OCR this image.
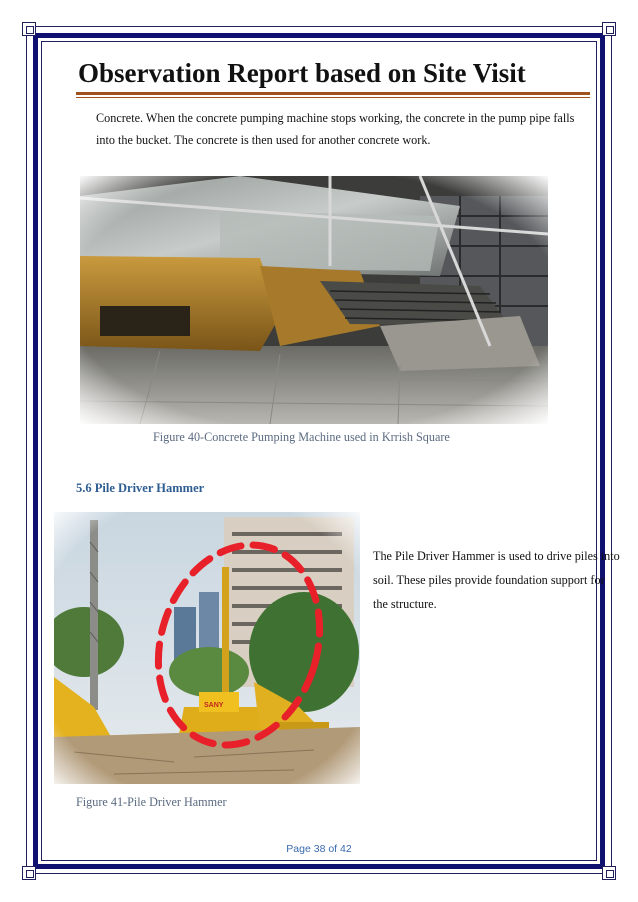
Observation Report based on Site Visit
Concrete. When the concrete pumping machine stops working, the concrete in the pump pipe falls into the bucket. The concrete is then used for another concrete work.
Figure 40-Concrete Pumping Machine used in Krrish Square
5.6 Pile Driver Hammer
The Pile Driver Hammer is used to drive piles into soil. These piles provide foundation support for the structure.
Figure 41-Pile Driver Hammer
Page 38 of 42
